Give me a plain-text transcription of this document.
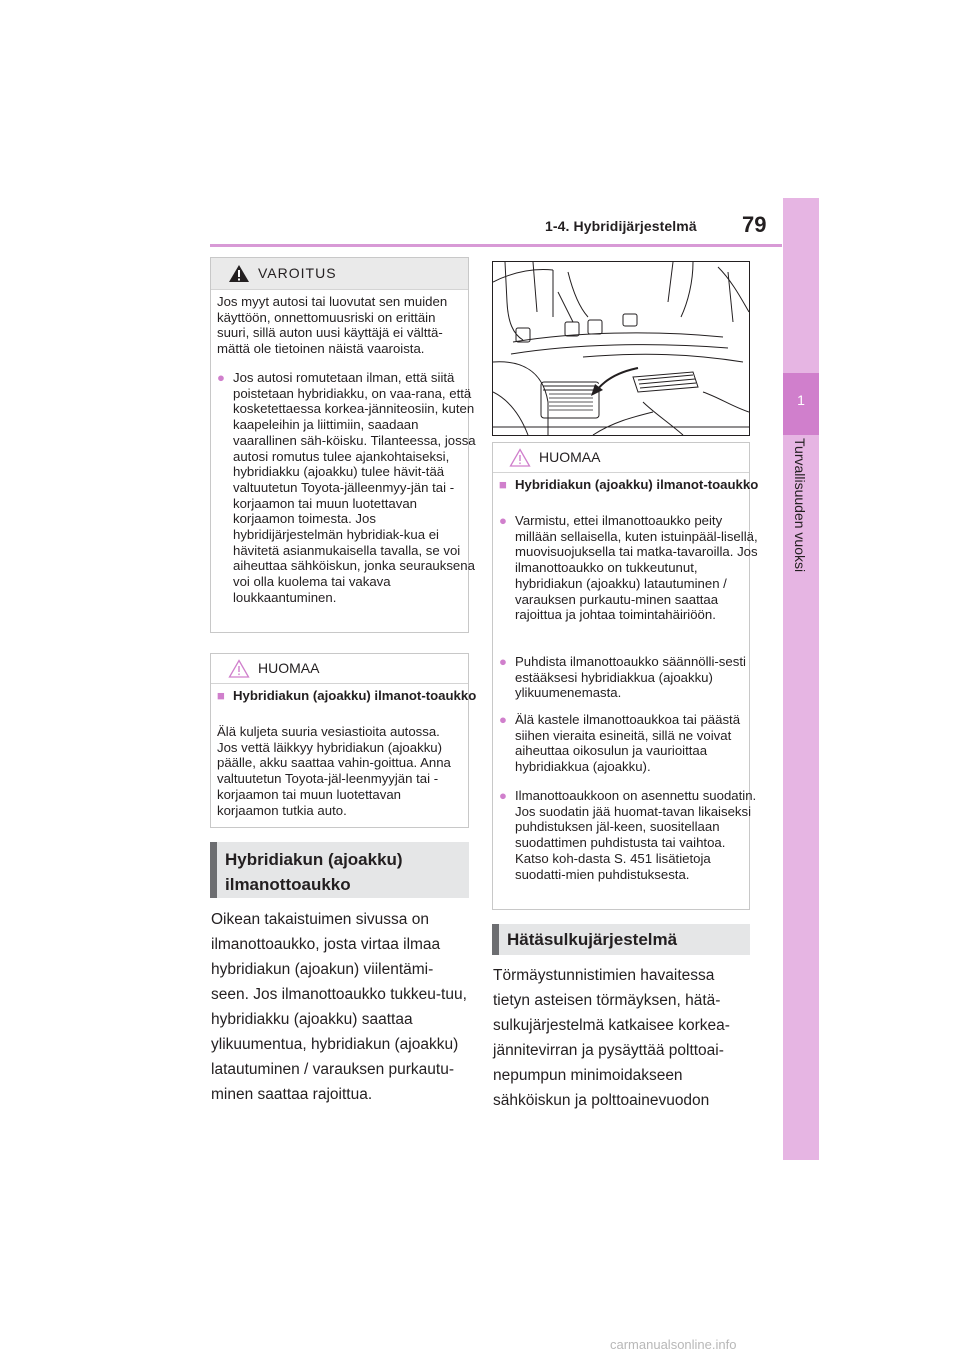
1-4. Hybridijärjestelmä 79
1
Turvallisuuden vuoksi
VAROITUS
Jos myyt autosi tai luovutat sen muiden käyttöön, onnettomuusriski on erittäin suuri, sillä auton uusi käyttäjä ei välttä-mättä ole tietoinen näistä vaaroista.
● Jos autosi romutetaan ilman, että siitä poistetaan hybridiakku, on vaa-rana, että kosketettaessa korkea-jänniteosiin, kuten kaapeleihin ja liittimiin, saadaan vaarallinen säh-köisku. Tilanteessa, jossa autosi romutus tulee ajankohtaiseksi, hybridiakku (ajoakku) tulee hävit-tää valtuutetun Toyota-jälleenmyy-jän tai -korjaamon tai muun luotettavan korjaamon toimesta. Jos hybridijärjestelmän hybridiak-kua ei hävitetä asianmukaisella tavalla, se voi aiheuttaa sähköiskun, jonka seurauksena voi olla kuolema tai vakava loukkaantuminen.
HUOMAA
■ Hybridiakun (ajoakku) ilmanot-toaukko
Älä kuljeta suuria vesiastioita autossa. Jos vettä läikkyy hybridiakun (ajoakku) päälle, akku saattaa vahin-goittua. Anna valtuutetun Toyota-jäl-leenmyyjän tai -korjaamon tai muun luotettavan korjaamon tutkia auto.
Hybridiakun (ajoakku) ilmanottoaukko
Oikean takaistuimen sivussa on ilmanottoaukko, josta virtaa ilmaa hybridiakun (ajoakun) viilentämi-seen. Jos ilmanottoaukko tukkeu-tuu, hybridiakku (ajoakku) saattaa ylikuumentua, hybridiakun (ajoakku) latautuminen / varauksen purkautu-minen saattaa rajoittua.
HUOMAA
■ Hybridiakun (ajoakku) ilmanot-toaukko
● Varmistu, ettei ilmanottoaukko peity millään sellaisella, kuten istuinpääl-lisellä, muovisuojuksella tai matka-tavaroilla. Jos ilmanottoaukko on tukkeutunut, hybridiakun (ajoakku) latautuminen / varauksen purkautu-minen saattaa rajoittua ja johtaa toimintahäiriöön.
● Puhdista ilmanottoaukko säännölli-sesti estääksesi hybridiakkua (ajoakku) ylikuumenemasta.
● Älä kastele ilmanottoaukkoa tai päästä siihen vieraita esineitä, sillä ne voivat aiheuttaa oikosulun ja vaurioittaa hybridiakkua (ajoakku).
● Ilmanottoaukkoon on asennettu suodatin. Jos suodatin jää huomat-tavan likaiseksi puhdistuksen jäl-keen, suositellaan suodattimen puhdistusta tai vaihtoa. Katso koh-dasta S. 451 lisätietoja suodatti-mien puhdistuksesta.
Hätäsulkujärjestelmä
Törmäystunnistimien havaitessa tietyn asteisen törmäyksen, hätä-sulkujärjestelmä katkaisee korkea-jännitevirran ja pysäyttää polttoai-nepumpun minimoidakseen sähköiskun ja polttoainevuodon
carmanualsonline.info
